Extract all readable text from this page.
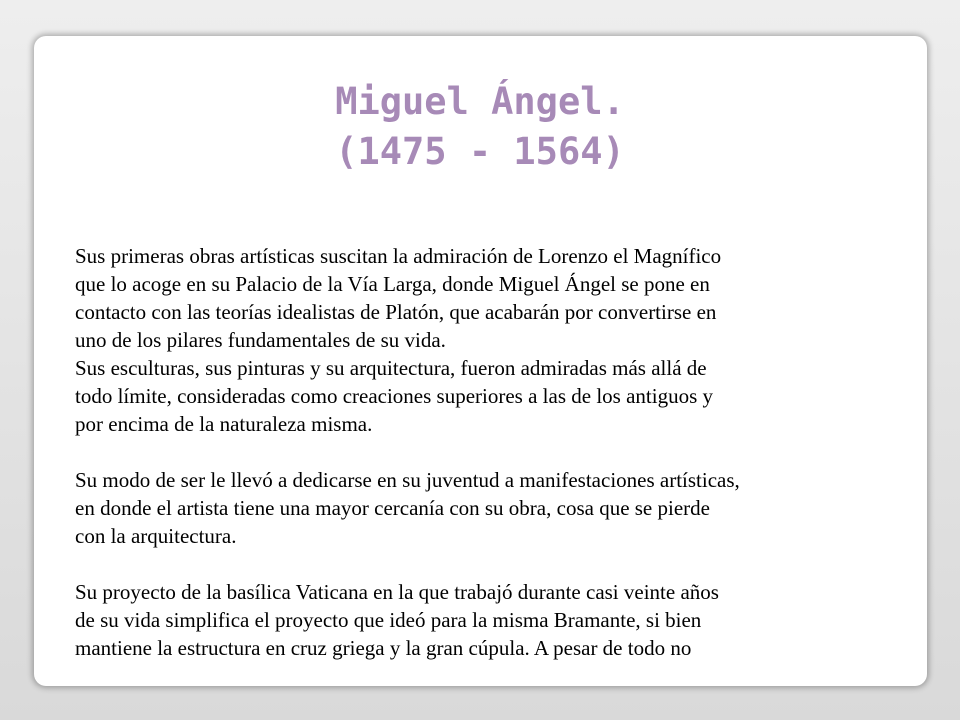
Miguel Ángel.
(1475 - 1564)
Sus primeras obras artísticas suscitan la admiración de Lorenzo el Magnífico
que lo acoge en su Palacio de la Vía Larga, donde Miguel Ángel se pone en
contacto con las teorías idealistas de Platón, que acabarán por convertirse en
uno de los pilares fundamentales de su vida.
Sus esculturas, sus pinturas y su arquitectura, fueron admiradas más allá de
todo límite, consideradas como creaciones superiores a las de los antiguos y
por encima de la naturaleza misma.
Su modo de ser le llevó a dedicarse en su juventud a manifestaciones artísticas,
en donde el artista tiene una mayor cercanía con su obra, cosa que se pierde
con la arquitectura.
Su proyecto de la basílica Vaticana en la que trabajó durante casi veinte años
de su vida simplifica el proyecto que ideó para la misma Bramante, si bien
mantiene la estructura en cruz griega y la gran cúpula. A pesar de todo no
